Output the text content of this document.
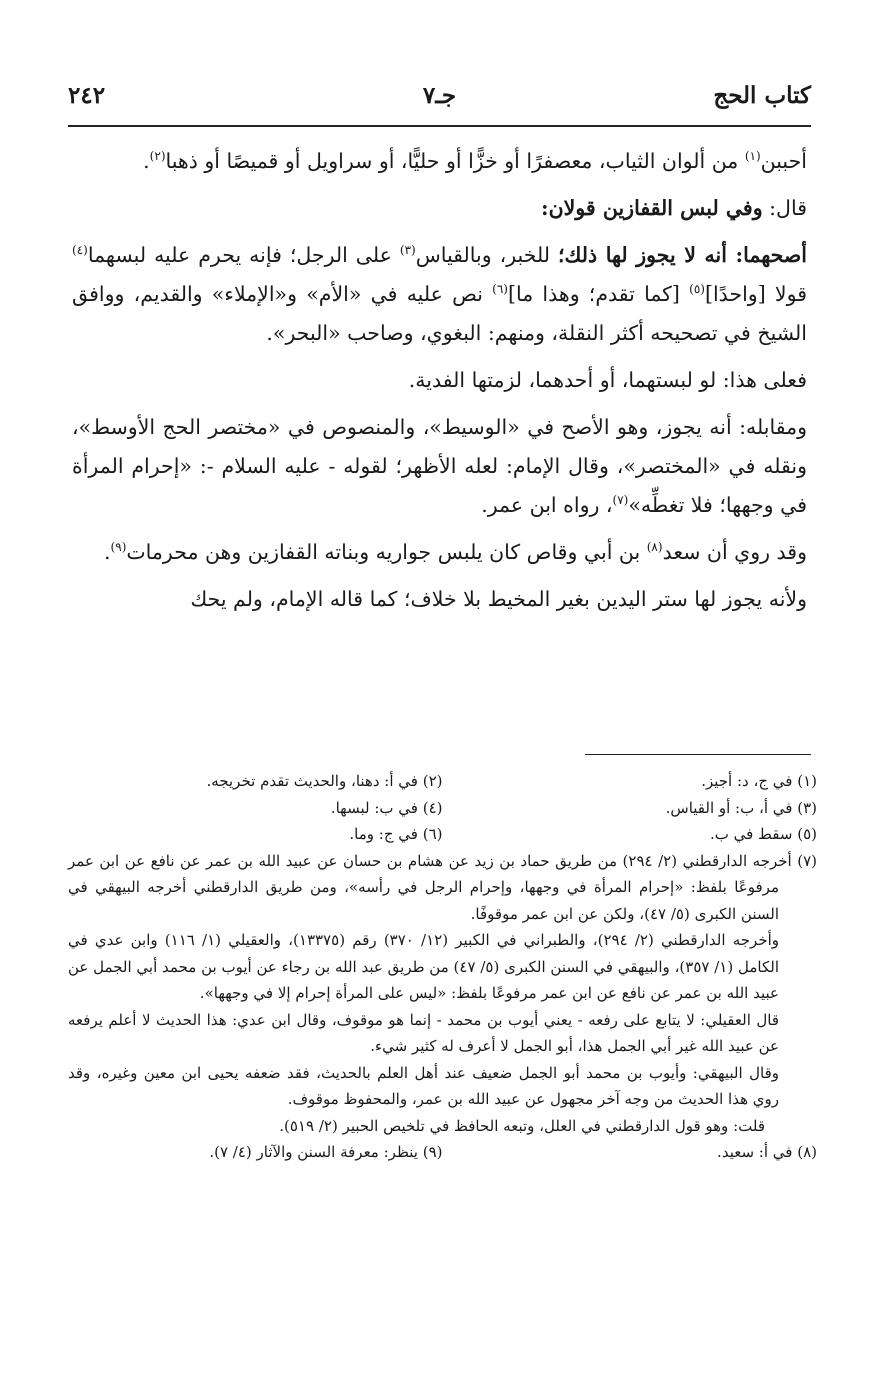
كتاب الحج
جـ٧
٢٤٢

أحببن$^{(١)}$ من ألوان الثياب، معصفرًا أو خزًّا أو حليًّا، أو سراويل أو قميصًا أو ذهبا$^{(٢)}$.

قال: وفي لبس القفازين قولان:

أصحهما: أنه لا يجوز لها ذلك؛ للخبر، وبالقياس$^{(٣)}$ على الرجل؛ فإنه يحرم عليه لبسهما$^{(٤)}$ قولا [واحدًا]$^{(٥)}$ [كما تقدم؛ وهذا ما]$^{(٦)}$ نص عليه في «الأم» و«الإملاء» والقديم، ووافق الشيخ في تصحيحه أكثر النقلة، ومنهم: البغوي، وصاحب «البحر».

فعلى هذا: لو لبستهما، أو أحدهما، لزمتها الفدية.

ومقابله: أنه يجوز، وهو الأصح في «الوسيط»، والمنصوص في «مختصر الحج الأوسط»، ونقله في «المختصر»، وقال الإمام: لعله الأظهر؛ لقوله - عليه السلام -: «إحرام المرأة في وجهها؛ فلا تغطِّه»$^{(٧)}$، رواه ابن عمر.

وقد روي أن سعد$^{(٨)}$ بن أبي وقاص كان يلبس جواريه وبناته القفازين وهن محرمات$^{(٩)}$.

ولأنه يجوز لها ستر اليدين بغير المخيط بلا خلاف؛ كما قاله الإمام، ولم يحك

(١) في ج، د: أجيز.
(٢) في أ: دهنا، والحديث تقدم تخريجه.
(٣) في أ، ب: أو القياس.
(٤) في ب: لبسها.
(٥) سقط في ب.
(٦) في ج: وما.
(٧) أخرجه الدارقطني (٢/ ٢٩٤) من طريق حماد بن زيد عن هشام بن حسان عن عبيد الله بن عمر عن نافع عن ابن عمر مرفوعًا بلفظ: «إحرام المرأة في وجهها، وإحرام الرجل في رأسه»، ومن طريق الدارقطني أخرجه البيهقي في السنن الكبرى (٥/ ٤٧)، ولكن عن ابن عمر موقوفًا.

وأخرجه الدارقطني (٢/ ٢٩٤)، والطبراني في الكبير (١٢/ ٣٧٠) رقم (١٣٣٧٥)، والعقيلي (١/ ١١٦) وابن عدي في الكامل (١/ ٣٥٧)، والبيهقي في السنن الكبرى (٥/ ٤٧) من طريق عبد الله بن رجاء عن أيوب بن محمد أبي الجمل عن عبيد الله بن عمر عن نافع عن ابن عمر مرفوعًا بلفظ: «ليس على المرأة إحرام إلا في وجهها».

قال العقيلي: لا يتابع على رفعه - يعني أيوب بن محمد - إنما هو موقوف، وقال ابن عدي: هذا الحديث لا أعلم يرفعه عن عبيد الله غير أبي الجمل هذا، أبو الجمل لا أعرف له كثير شيء.

وقال البيهقي: وأيوب بن محمد أبو الجمل ضعيف عند أهل العلم بالحديث، فقد ضعفه يحيى ابن معين وغيره، وقد روي هذا الحديث من وجه آخر مجهول عن عبيد الله بن عمر، والمحفوظ موقوف.

قلت: وهو قول الدارقطني في العلل، وتبعه الحافظ في تلخيص الحبير (٢/ ٥١٩).

(٨) في أ: سعيد.
(٩) ينظر: معرفة السنن والآثار (٤/ ٧).
